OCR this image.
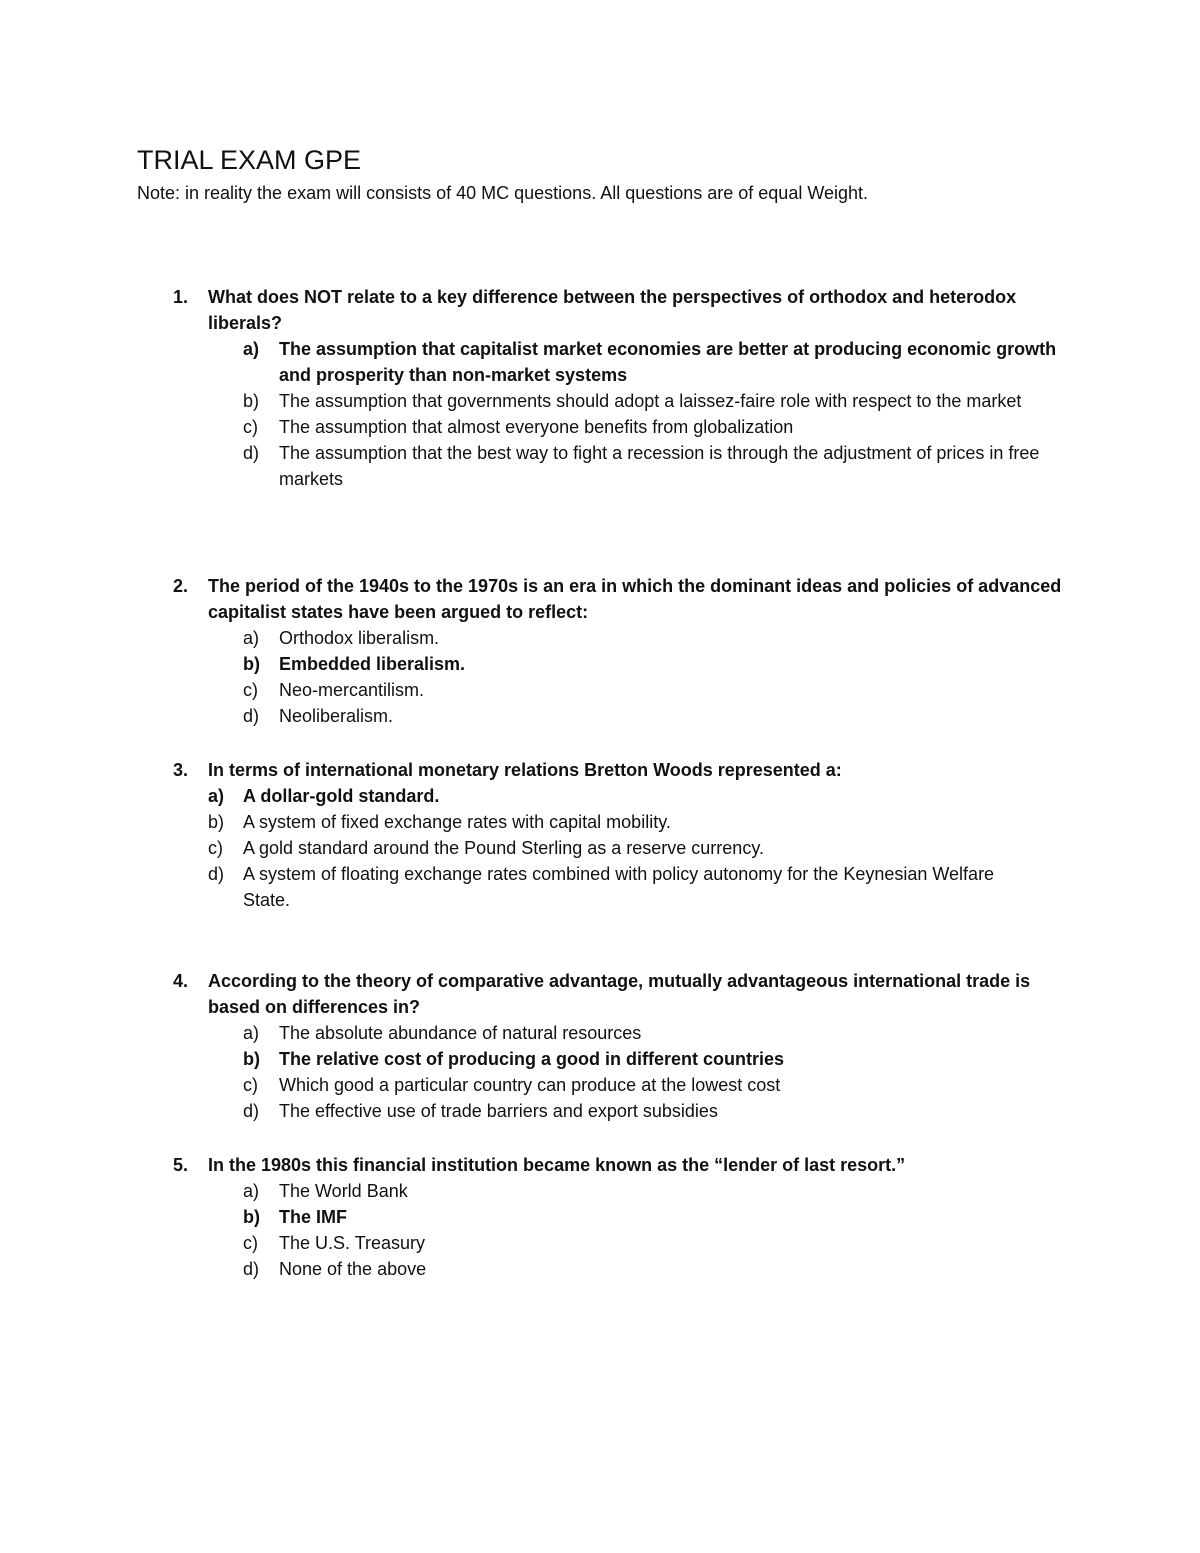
TRIAL EXAM GPE

Note: in reality the exam will consists of 40 MC questions. All questions are of equal Weight.

1. What does NOT relate to a key difference between the perspectives of orthodox and heterodox liberals?
a) The assumption that capitalist market economies are better at producing economic growth and prosperity than non-market systems
b) The assumption that governments should adopt a laissez-faire role with respect to the market
c) The assumption that almost everyone benefits from globalization
d) The assumption that the best way to fight a recession is through the adjustment of prices in free markets
2. The period of the 1940s to the 1970s is an era in which the dominant ideas and policies of advanced capitalist states have been argued to reflect:
a) Orthodox liberalism.
b) Embedded liberalism.
c) Neo-mercantilism.
d) Neoliberalism.
3. In terms of international monetary relations Bretton Woods represented a:
a) A dollar-gold standard.
b) A system of fixed exchange rates with capital mobility.
c) A gold standard around the Pound Sterling as a reserve currency.
d) A system of floating exchange rates combined with policy autonomy for the Keynesian Welfare State.
4. According to the theory of comparative advantage, mutually advantageous international trade is based on differences in?
a) The absolute abundance of natural resources
b) The relative cost of producing a good in different countries
c) Which good a particular country can produce at the lowest cost
d) The effective use of trade barriers and export subsidies
5. In the 1980s this financial institution became known as the “lender of last resort.”
a) The World Bank
b) The IMF
c) The U.S. Treasury
d) None of the above
